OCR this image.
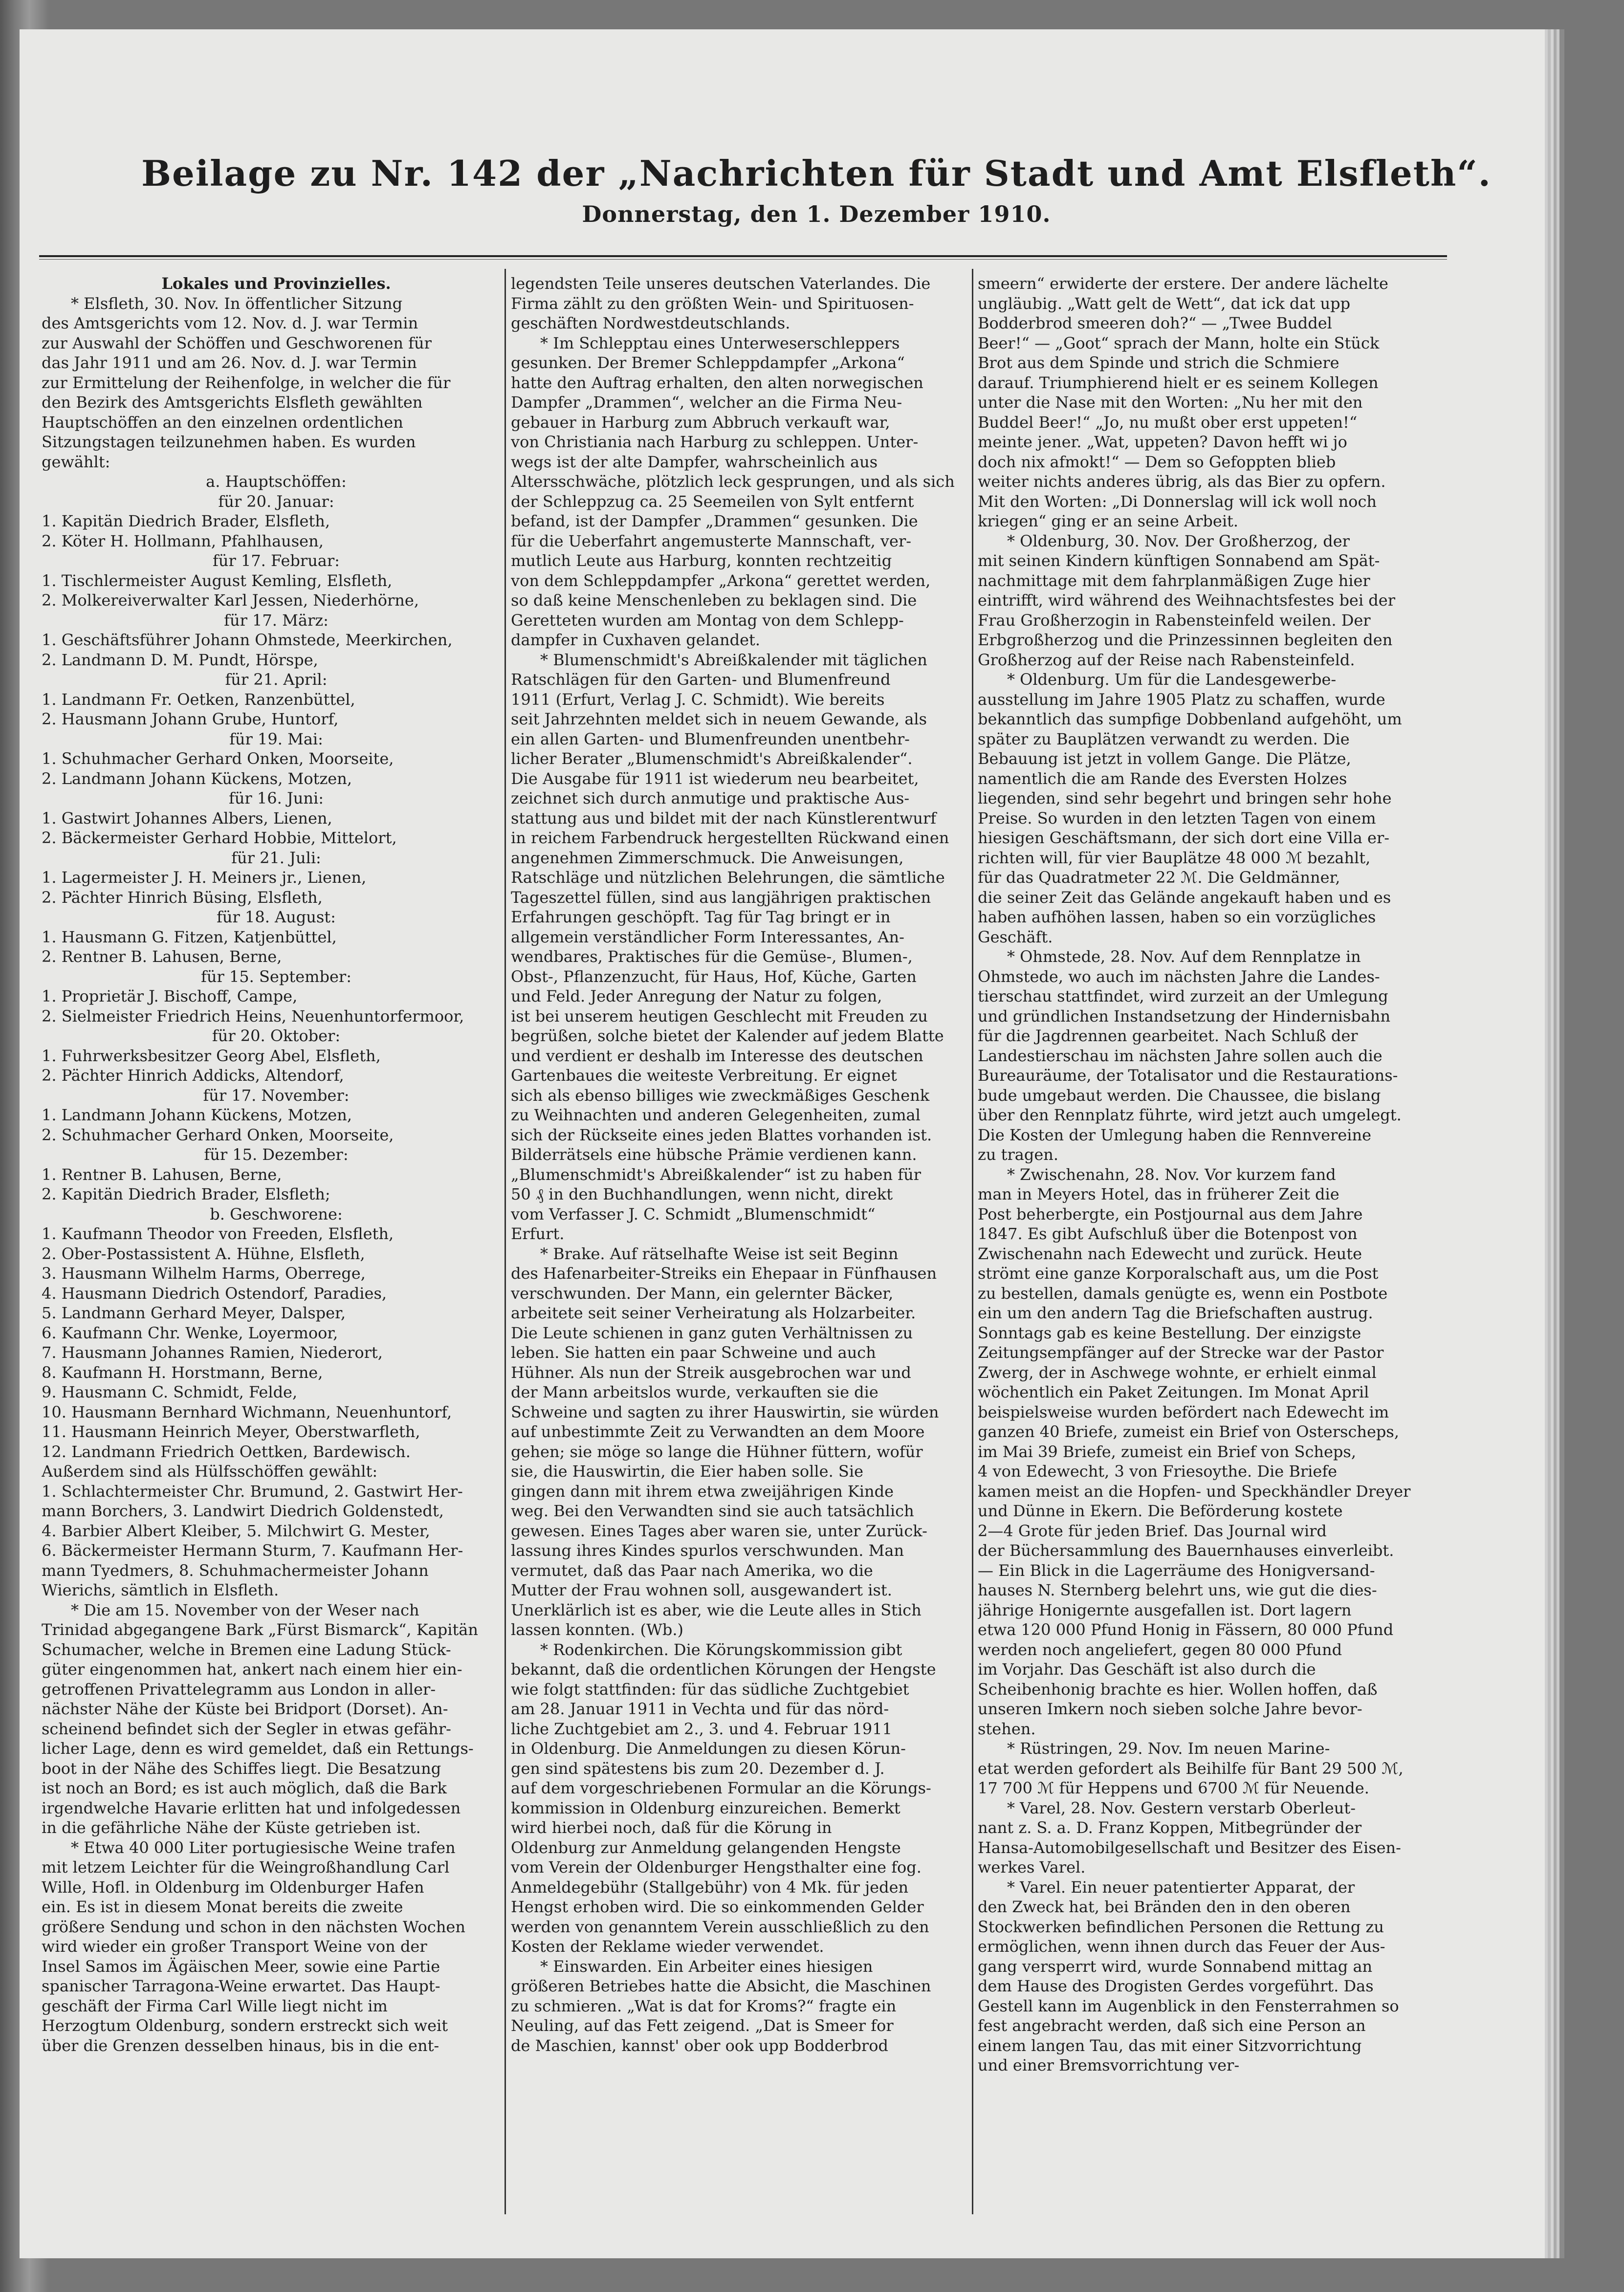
Beilage zu Nr. 142 der „Nachrichten für Stadt und Amt Elsfleth“.
Donnerstag, den 1. Dezember 1910.
Lokales und Provinzielles.
* Elsfleth, 30. Nov. In öffentlicher Sitzung
des Amtsgerichts vom 12. Nov. d. J. war Termin
zur Auswahl der Schöffen und Geschworenen für
das Jahr 1911 und am 26. Nov. d. J. war Termin
zur Ermittelung der Reihenfolge, in welcher die für
den Bezirk des Amtsgerichts Elsfleth gewählten
Hauptschöffen an den einzelnen ordentlichen
Sitzungstagen teilzunehmen haben. Es wurden
gewählt:
a. Hauptschöffen:
für 20. Januar:
1. Kapitän Diedrich Brader, Elsfleth,
2. Köter H. Hollmann, Pfahlhausen,
für 17. Februar:
1. Tischlermeister August Kemling, Elsfleth,
2. Molkereiverwalter Karl Jessen, Niederhörne,
für 17. März:
1. Geschäftsführer Johann Ohmstede, Meerkirchen,
2. Landmann D. M. Pundt, Hörspe,
für 21. April:
1. Landmann Fr. Oetken, Ranzenbüttel,
2. Hausmann Johann Grube, Huntorf,
für 19. Mai:
1. Schuhmacher Gerhard Onken, Moorseite,
2. Landmann Johann Kückens, Motzen,
für 16. Juni:
1. Gastwirt Johannes Albers, Lienen,
2. Bäckermeister Gerhard Hobbie, Mittelort,
für 21. Juli:
1. Lagermeister J. H. Meiners jr., Lienen,
2. Pächter Hinrich Büsing, Elsfleth,
für 18. August:
1. Hausmann G. Fitzen, Katjenbüttel,
2. Rentner B. Lahusen, Berne,
für 15. September:
1. Proprietär J. Bischoff, Campe,
2. Sielmeister Friedrich Heins, Neuenhuntorfermoor,
für 20. Oktober:
1. Fuhrwerksbesitzer Georg Abel, Elsfleth,
2. Pächter Hinrich Addicks, Altendorf,
für 17. November:
1. Landmann Johann Kückens, Motzen,
2. Schuhmacher Gerhard Onken, Moorseite,
für 15. Dezember:
1. Rentner B. Lahusen, Berne,
2. Kapitän Diedrich Brader, Elsfleth;
b. Geschworene:
1. Kaufmann Theodor von Freeden, Elsfleth,
2. Ober-Postassistent A. Hühne, Elsfleth,
3. Hausmann Wilhelm Harms, Oberrege,
4. Hausmann Diedrich Ostendorf, Paradies,
5. Landmann Gerhard Meyer, Dalsper,
6. Kaufmann Chr. Wenke, Loyermoor,
7. Hausmann Johannes Ramien, Niederort,
8. Kaufmann H. Horstmann, Berne,
9. Hausmann C. Schmidt, Felde,
10. Hausmann Bernhard Wichmann, Neuenhuntorf,
11. Hausmann Heinrich Meyer, Oberstwarfleth,
12. Landmann Friedrich Oettken, Bardewisch.
Außerdem sind als Hülfsschöffen gewählt:
1. Schlachtermeister Chr. Brumund, 2. Gastwirt Her-
mann Borchers, 3. Landwirt Diedrich Goldenstedt,
4. Barbier Albert Kleiber, 5. Milchwirt G. Mester,
6. Bäckermeister Hermann Sturm, 7. Kaufmann Her-
mann Tyedmers, 8. Schuhmachermeister Johann
Wierichs, sämtlich in Elsfleth.
* Die am 15. November von der Weser nach
Trinidad abgegangene Bark „Fürst Bismarck“, Kapitän
Schumacher, welche in Bremen eine Ladung Stück-
güter eingenommen hat, ankert nach einem hier ein-
getroffenen Privattelegramm aus London in aller-
nächster Nähe der Küste bei Bridport (Dorset). An-
scheinend befindet sich der Segler in etwas gefähr-
licher Lage, denn es wird gemeldet, daß ein Rettungs-
boot in der Nähe des Schiffes liegt. Die Besatzung
ist noch an Bord; es ist auch möglich, daß die Bark
irgendwelche Havarie erlitten hat und infolgedessen
in die gefährliche Nähe der Küste getrieben ist.
* Etwa 40 000 Liter portugiesische Weine trafen
mit letzem Leichter für die Weingroßhandlung Carl
Wille, Hofl. in Oldenburg im Oldenburger Hafen
ein. Es ist in diesem Monat bereits die zweite
größere Sendung und schon in den nächsten Wochen
wird wieder ein großer Transport Weine von der
Insel Samos im Ägäischen Meer, sowie eine Partie
spanischer Tarragona-Weine erwartet. Das Haupt-
geschäft der Firma Carl Wille liegt nicht im
Herzogtum Oldenburg, sondern erstreckt sich weit
über die Grenzen desselben hinaus, bis in die ent-
legendsten Teile unseres deutschen Vaterlandes. Die
Firma zählt zu den größten Wein- und Spirituosen-
geschäften Nordwestdeutschlands.
* Im Schlepptau eines Unterweserschleppers
gesunken. Der Bremer Schleppdampfer „Arkona“
hatte den Auftrag erhalten, den alten norwegischen
Dampfer „Drammen“, welcher an die Firma Neu-
gebauer in Harburg zum Abbruch verkauft war,
von Christiania nach Harburg zu schleppen. Unter-
wegs ist der alte Dampfer, wahrscheinlich aus
Altersschwäche, plötzlich leck gesprungen, und als sich
der Schleppzug ca. 25 Seemeilen von Sylt entfernt
befand, ist der Dampfer „Drammen“ gesunken. Die
für die Ueberfahrt angemusterte Mannschaft, ver-
mutlich Leute aus Harburg, konnten rechtzeitig
von dem Schleppdampfer „Arkona“ gerettet werden,
so daß keine Menschenleben zu beklagen sind. Die
Geretteten wurden am Montag von dem Schlepp-
dampfer in Cuxhaven gelandet.
* Blumenschmidt's Abreißkalender mit täglichen
Ratschlägen für den Garten- und Blumenfreund
1911 (Erfurt, Verlag J. C. Schmidt). Wie bereits
seit Jahrzehnten meldet sich in neuem Gewande, als
ein allen Garten- und Blumenfreunden unentbehr-
licher Berater „Blumenschmidt's Abreißkalender“.
Die Ausgabe für 1911 ist wiederum neu bearbeitet,
zeichnet sich durch anmutige und praktische Aus-
stattung aus und bildet mit der nach Künstlerentwurf
in reichem Farbendruck hergestellten Rückwand einen
angenehmen Zimmerschmuck. Die Anweisungen,
Ratschläge und nützlichen Belehrungen, die sämtliche
Tageszettel füllen, sind aus langjährigen praktischen
Erfahrungen geschöpft. Tag für Tag bringt er in
allgemein verständlicher Form Interessantes, An-
wendbares, Praktisches für die Gemüse-, Blumen-,
Obst-, Pflanzenzucht, für Haus, Hof, Küche, Garten
und Feld. Jeder Anregung der Natur zu folgen,
ist bei unserem heutigen Geschlecht mit Freuden zu
begrüßen, solche bietet der Kalender auf jedem Blatte
und verdient er deshalb im Interesse des deutschen
Gartenbaues die weiteste Verbreitung. Er eignet
sich als ebenso billiges wie zweckmäßiges Geschenk
zu Weihnachten und anderen Gelegenheiten, zumal
sich der Rückseite eines jeden Blattes vorhanden ist.
Bilderrätsels eine hübsche Prämie verdienen kann.
„Blumenschmidt's Abreißkalender“ ist zu haben für
50 ₰ in den Buchhandlungen, wenn nicht, direkt
vom Verfasser J. C. Schmidt „Blumenschmidt“
Erfurt.
* Brake. Auf rätselhafte Weise ist seit Beginn
des Hafenarbeiter-Streiks ein Ehepaar in Fünfhausen
verschwunden. Der Mann, ein gelernter Bäcker,
arbeitete seit seiner Verheiratung als Holzarbeiter.
Die Leute schienen in ganz guten Verhältnissen zu
leben. Sie hatten ein paar Schweine und auch
Hühner. Als nun der Streik ausgebrochen war und
der Mann arbeitslos wurde, verkauften sie die
Schweine und sagten zu ihrer Hauswirtin, sie würden
auf unbestimmte Zeit zu Verwandten an dem Moore
gehen; sie möge so lange die Hühner füttern, wofür
sie, die Hauswirtin, die Eier haben solle. Sie
gingen dann mit ihrem etwa zweijährigen Kinde
weg. Bei den Verwandten sind sie auch tatsächlich
gewesen. Eines Tages aber waren sie, unter Zurück-
lassung ihres Kindes spurlos verschwunden. Man
vermutet, daß das Paar nach Amerika, wo die
Mutter der Frau wohnen soll, ausgewandert ist.
Unerklärlich ist es aber, wie die Leute alles in Stich
lassen konnten. (Wb.)
* Rodenkirchen. Die Körungskommission gibt
bekannt, daß die ordentlichen Körungen der Hengste
wie folgt stattfinden: für das südliche Zuchtgebiet
am 28. Januar 1911 in Vechta und für das nörd-
liche Zuchtgebiet am 2., 3. und 4. Februar 1911
in Oldenburg. Die Anmeldungen zu diesen Körun-
gen sind spätestens bis zum 20. Dezember d. J.
auf dem vorgeschriebenen Formular an die Körungs-
kommission in Oldenburg einzureichen. Bemerkt
wird hierbei noch, daß für die Körung in
Oldenburg zur Anmeldung gelangenden Hengste
vom Verein der Oldenburger Hengsthalter eine fog.
Anmeldegebühr (Stallgebühr) von 4 Mk. für jeden
Hengst erhoben wird. Die so einkommenden Gelder
werden von genanntem Verein ausschließlich zu den
Kosten der Reklame wieder verwendet.
* Einswarden. Ein Arbeiter eines hiesigen
größeren Betriebes hatte die Absicht, die Maschinen
zu schmieren. „Wat is dat for Kroms?“ fragte ein
Neuling, auf das Fett zeigend. „Dat is Smeer for
de Maschien, kannst' ober ook upp Bodderbrod
smeern“ erwiderte der erstere. Der andere lächelte
ungläubig. „Watt gelt de Wett“, dat ick dat upp
Bodderbrod smeeren doh?“ — „Twee Buddel
Beer!“ — „Goot“ sprach der Mann, holte ein Stück
Brot aus dem Spinde und strich die Schmiere
darauf. Triumphierend hielt er es seinem Kollegen
unter die Nase mit den Worten: „Nu her mit den
Buddel Beer!“ „Jo, nu mußt ober erst uppeten!“
meinte jener. „Wat, uppeten? Davon hefft wi jo
doch nix afmokt!“ — Dem so Gefoppten blieb
weiter nichts anderes übrig, als das Bier zu opfern.
Mit den Worten: „Di Donnerslag will ick woll noch
kriegen“ ging er an seine Arbeit.
* Oldenburg, 30. Nov. Der Großherzog, der
mit seinen Kindern künftigen Sonnabend am Spät-
nachmittage mit dem fahrplanmäßigen Zuge hier
eintrifft, wird während des Weihnachtsfestes bei der
Frau Großherzogin in Rabensteinfeld weilen. Der
Erbgroßherzog und die Prinzessinnen begleiten den
Großherzog auf der Reise nach Rabensteinfeld.
* Oldenburg. Um für die Landesgewerbe-
ausstellung im Jahre 1905 Platz zu schaffen, wurde
bekanntlich das sumpfige Dobbenland aufgehöht, um
später zu Bauplätzen verwandt zu werden. Die
Bebauung ist jetzt in vollem Gange. Die Plätze,
namentlich die am Rande des Eversten Holzes
liegenden, sind sehr begehrt und bringen sehr hohe
Preise. So wurden in den letzten Tagen von einem
hiesigen Geschäftsmann, der sich dort eine Villa er-
richten will, für vier Bauplätze 48 000 ℳ bezahlt,
für das Quadratmeter 22 ℳ. Die Geldmänner,
die seiner Zeit das Gelände angekauft haben und es
haben aufhöhen lassen, haben so ein vorzügliches
Geschäft.
* Ohmstede, 28. Nov. Auf dem Rennplatze in
Ohmstede, wo auch im nächsten Jahre die Landes-
tierschau stattfindet, wird zurzeit an der Umlegung
und gründlichen Instandsetzung der Hindernisbahn
für die Jagdrennen gearbeitet. Nach Schluß der
Landestierschau im nächsten Jahre sollen auch die
Bureauräume, der Totalisator und die Restaurations-
bude umgebaut werden. Die Chaussee, die bislang
über den Rennplatz führte, wird jetzt auch umgelegt.
Die Kosten der Umlegung haben die Rennvereine
zu tragen.
* Zwischenahn, 28. Nov. Vor kurzem fand
man in Meyers Hotel, das in früherer Zeit die
Post beherbergte, ein Postjournal aus dem Jahre
1847. Es gibt Aufschluß über die Botenpost von
Zwischenahn nach Edewecht und zurück. Heute
strömt eine ganze Korporalschaft aus, um die Post
zu bestellen, damals genügte es, wenn ein Postbote
ein um den andern Tag die Briefschaften austrug.
Sonntags gab es keine Bestellung. Der einzigste
Zeitungsempfänger auf der Strecke war der Pastor
Zwerg, der in Aschwege wohnte, er erhielt einmal
wöchentlich ein Paket Zeitungen. Im Monat April
beispielsweise wurden befördert nach Edewecht im
ganzen 40 Briefe, zumeist ein Brief von Osterscheps,
im Mai 39 Briefe, zumeist ein Brief von Scheps,
4 von Edewecht, 3 von Friesoythe. Die Briefe
kamen meist an die Hopfen- und Speckhändler Dreyer
und Dünne in Ekern. Die Beförderung kostete
2—4 Grote für jeden Brief. Das Journal wird
der Büchersammlung des Bauernhauses einverleibt.
— Ein Blick in die Lagerräume des Honigversand-
hauses N. Sternberg belehrt uns, wie gut die dies-
jährige Honigernte ausgefallen ist. Dort lagern
etwa 120 000 Pfund Honig in Fässern, 80 000 Pfund
werden noch angeliefert, gegen 80 000 Pfund
im Vorjahr. Das Geschäft ist also durch die
Scheibenhonig brachte es hier. Wollen hoffen, daß
unseren Imkern noch sieben solche Jahre bevor-
stehen.
* Rüstringen, 29. Nov. Im neuen Marine-
etat werden gefordert als Beihilfe für Bant 29 500 ℳ,
17 700 ℳ für Heppens und 6700 ℳ für Neuende.
* Varel, 28. Nov. Gestern verstarb Oberleut-
nant z. S. a. D. Franz Koppen, Mitbegründer der
Hansa-Automobilgesellschaft und Besitzer des Eisen-
werkes Varel.
* Varel. Ein neuer patentierter Apparat, der
den Zweck hat, bei Bränden den in den oberen
Stockwerken befindlichen Personen die Rettung zu
ermöglichen, wenn ihnen durch das Feuer der Aus-
gang versperrt wird, wurde Sonnabend mittag an
dem Hause des Drogisten Gerdes vorgeführt. Das
Gestell kann im Augenblick in den Fensterrahmen so
fest angebracht werden, daß sich eine Person an
einem langen Tau, das mit einer Sitzvorrichtung
und einer Bremsvorrichtung ver-
